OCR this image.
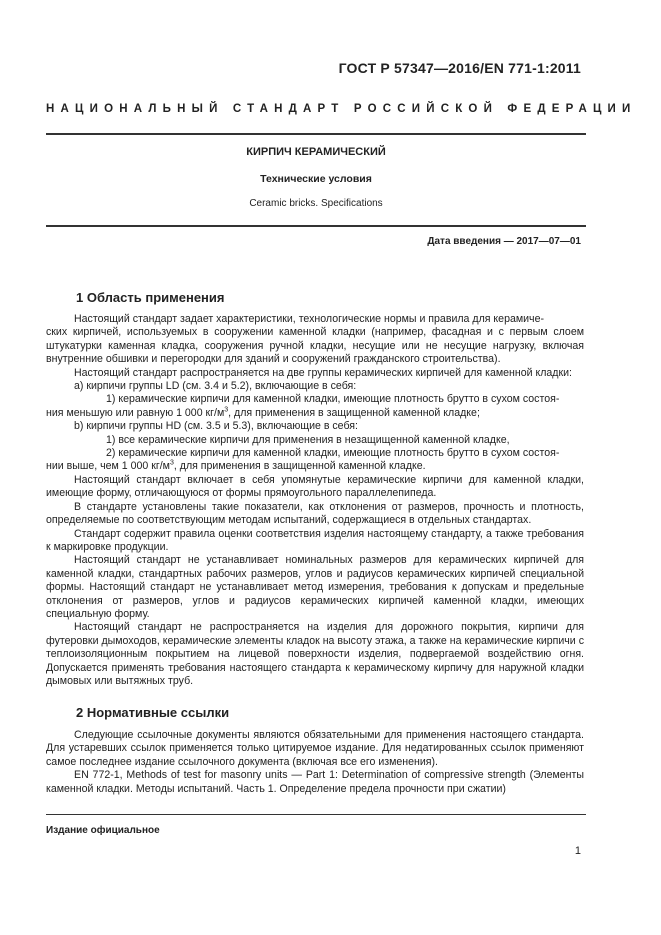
ГОСТ Р 57347—2016/EN 771-1:2011
НАЦИОНАЛЬНЫЙ СТАНДАРТ РОССИЙСКОЙ ФЕДЕРАЦИИ
КИРПИЧ КЕРАМИЧЕСКИЙ
Технические условия
Ceramic bricks. Specifications
Дата введения — 2017—07—01
1 Область применения

Настоящий стандарт задает характеристики, технологические нормы и правила для керамиче-

ских кирпичей, используемых в сооружении каменной кладки (например, фасадная и с первым слоем штукатурки каменная кладка, сооружения ручной кладки, несущие или не несущие нагрузку, включая внутренние обшивки и перегородки для зданий и сооружений гражданского строительства).

Настоящий стандарт распространяется на две группы керамических кирпичей для каменной кладки:

a) кирпичи группы LD (см. 3.4 и 5.2), включающие в себя:

1) керамические кирпичи для каменной кладки, имеющие плотность брутто в сухом состоя-

ния меньшую или равную 1 000 $кг/м^3$, для применения в защищенной каменной кладке;

b) кирпичи группы HD (см. 3.5 и 5.3), включающие в себя:

1) все керамические кирпичи для применения в незащищенной каменной кладке,

2) керамические кирпичи для каменной кладки, имеющие плотность брутто в сухом состоя-

нии выше, чем 1 000 $кг/м^3$, для применения в защищенной каменной кладке.

Настоящий стандарт включает в себя упомянутые керамические кирпичи для каменной кладки, имеющие форму, отличающуюся от формы прямоугольного параллелепипеда.

В стандарте установлены такие показатели, как отклонения от размеров, прочность и плотность, определяемые по соответствующим методам испытаний, содержащиеся в отдельных стандартах.

Стандарт содержит правила оценки соответствия изделия настоящему стандарту, а также требования к маркировке продукции.

Настоящий стандарт не устанавливает номинальных размеров для керамических кирпичей для каменной кладки, стандартных рабочих размеров, углов и радиусов керамических кирпичей специальной формы. Настоящий стандарт не устанавливает метод измерения, требования к допускам и предельные отклонения от размеров, углов и радиусов керамических кирпичей каменной кладки, имеющих специальную форму.

Настоящий стандарт не распространяется на изделия для дорожного покрытия, кирпичи для футеровки дымоходов, керамические элементы кладок на высоту этажа, а также на керамические кирпичи с теплоизоляционным покрытием на лицевой поверхности изделия, подвергаемой воздействию огня. Допускается применять требования настоящего стандарта к керамическому кирпичу для наружной кладки дымовых или вытяжных труб.

2 Нормативные ссылки

Следующие ссылочные документы являются обязательными для применения настоящего стандарта. Для устаревших ссылок применяется только цитируемое издание. Для недатированных ссылок применяют самое последнее издание ссылочного документа (включая все его изменения).

EN 772-1, Methods of test for masonry units — Part 1: Determination of compressive strength (Элементы каменной кладки. Методы испытаний. Часть 1. Определение предела прочности при сжатии)

Издание официальное
1
